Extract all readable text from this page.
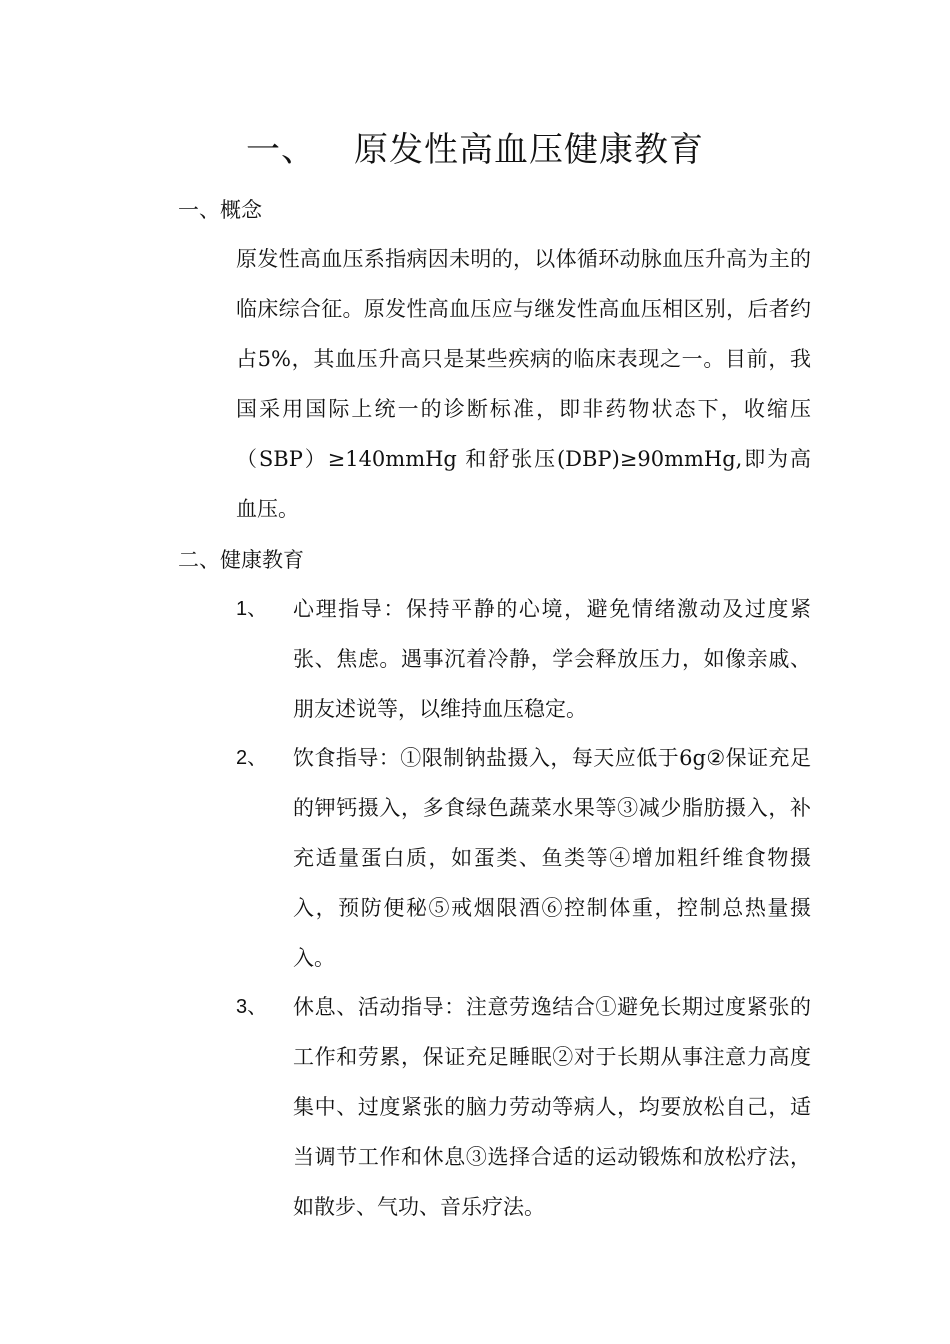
一、 原发性高血压健康教育
一、概念
原发性高血压系指病因未明的，以体循环动脉血压升高为主的临床综合征。原发性高血压应与继发性高血压相区别，后者约占5%，其血压升高只是某些疾病的临床表现之一。目前，我国采用国际上统一的诊断标准，即非药物状态下，收缩压（SBP）≥140mmHg 和舒张压(DBP)≥90mmHg,即为高血压。
二、健康教育
1、 心理指导：保持平静的心境，避免情绪激动及过度紧张、焦虑。遇事沉着冷静，学会释放压力，如像亲戚、朋友述说等，以维持血压稳定。
2、 饮食指导：①限制钠盐摄入，每天应低于6g②保证充足的钾钙摄入，多食绿色蔬菜水果等③减少脂肪摄入，补充适量蛋白质，如蛋类、鱼类等④增加粗纤维食物摄入，预防便秘⑤戒烟限酒⑥控制体重，控制总热量摄入。
3、 休息、活动指导：注意劳逸结合①避免长期过度紧张的工作和劳累，保证充足睡眠②对于长期从事注意力高度集中、过度紧张的脑力劳动等病人，均要放松自己，适当调节工作和休息③选择合适的运动锻炼和放松疗法，如散步、气功、音乐疗法。
